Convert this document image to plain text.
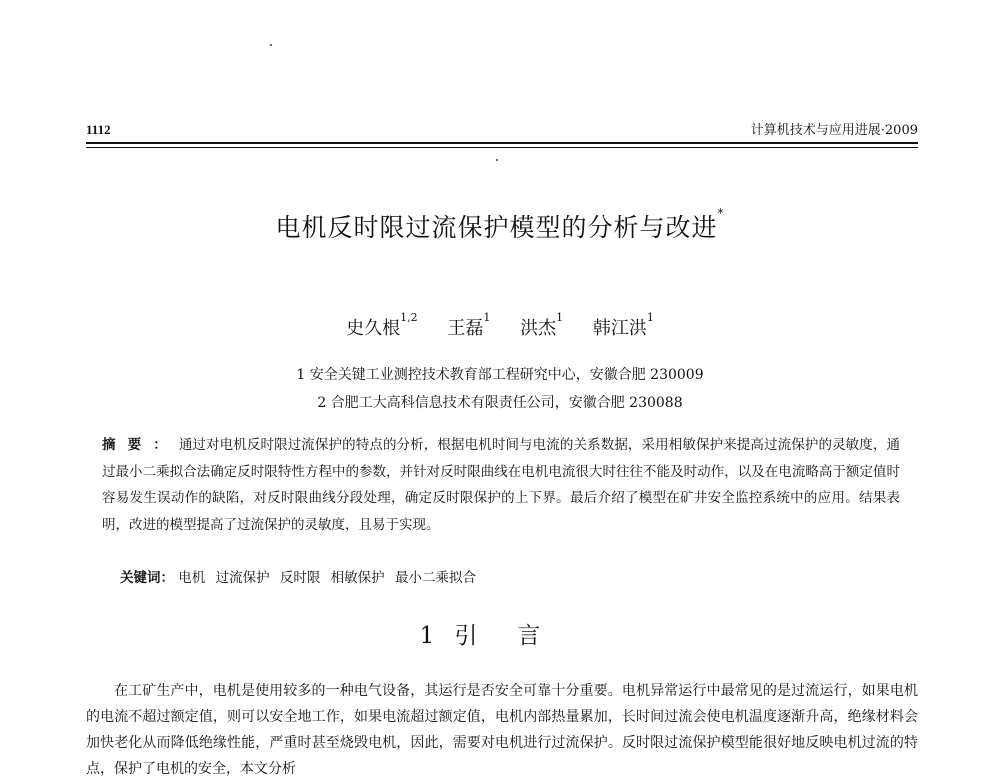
1112	计算机技术与应用进展·2009
电机反时限过流保护模型的分析与改进*
史久根$^{1,2}$ 王磊$^1$ 洪杰$^1$ 韩江洪$^1$
1 安全关键工业测控技术教育部工程研究中心，安徽合肥 230009
2 合肥工大高科信息技术有限责任公司，安徽合肥 230088
摘要：通过对电机反时限过流保护的特点的分析，根据电机时间与电流的关系数据，采用相敏保护来提高过流保护的灵敏度，通过最小二乘拟合法确定反时限特性方程中的参数，并针对反时限曲线在电机电流很大时往往不能及时动作，以及在电流略高于额定值时容易发生误动作的缺陷，对反时限曲线分段处理，确定反时限保护的上下界。最后介绍了模型在矿井安全监控系统中的应用。结果表明，改进的模型提高了过流保护的灵敏度，且易于实现。
关键词： 电机 过流保护 反时限 相敏保护 最小二乘拟合
1 引言
在工矿生产中，电机是使用较多的一种电气设备，其运行是否安全可靠十分重要。电机异常运行中最常见的是过流运行，如果电机的电流不超过额定值，则可以安全地工作，如果电流超过额定值，电机内部热量累加，长时间过流会使电机温度逐渐升高，绝缘材料会加快老化从而降低绝缘性能，严重时甚至烧毁电机，因此，需要对电机进行过流保护。反时限过流保护模型能很好地反映电机过流的特点，保护了电机的安全，本文分析
